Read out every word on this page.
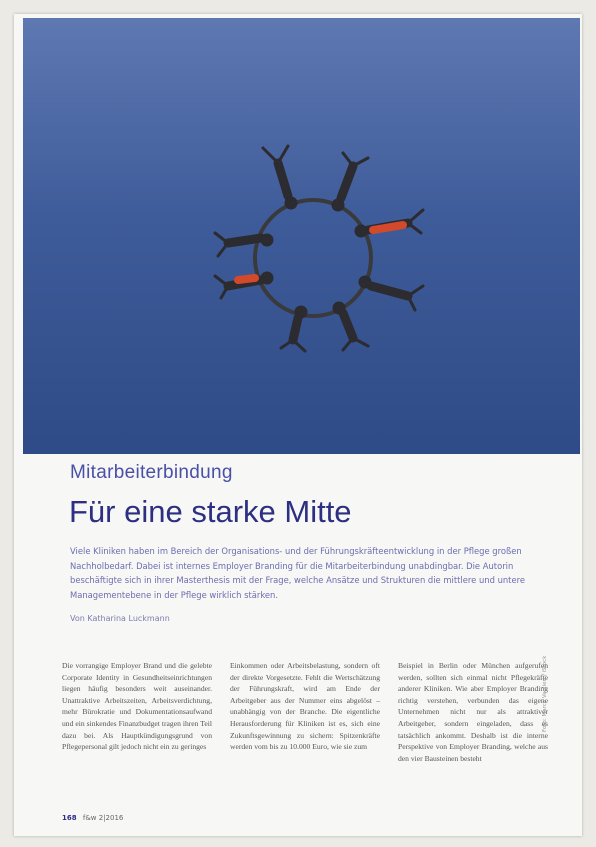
Mitarbeiterbindung
Für eine starke Mitte
Viele Kliniken haben im Bereich der Organisations- und der Führungskräfteentwicklung in der Pflege großen Nachholbedarf. Dabei ist internes Employer Branding für die Mitarbeiterbindung unabdingbar. Die Autorin beschäftigte sich in ihrer Masterthesis mit der Frage, welche Ansätze und Strukturen die mittlere und untere Managementebene in der Pflege wirklich stärken.
Von Katharina Luckmann
Die vorrangige Employer Brand und die gelebte Corporate Identity in Gesundheitseinrichtungen liegen häufig besonders weit auseinander. Unattraktive Arbeitszeiten, Arbeitsverdichtung, mehr Bürokratie und Dokumentationsaufwand und ein sinkendes Finanzbudget tragen ihren Teil dazu bei. Als Hauptkündigungsgrund von Pflegepersonal gilt jedoch nicht ein zu geringes
Einkommen oder Arbeitsbelastung, sondern oft der direkte Vorgesetzte. Fehlt die Wertschätzung der Führungskraft, wird am Ende der Arbeitgeber aus der Nummer eins abgelöst – unabhängig von der Branche. Die eigentliche Herausforderung für Kliniken ist es, sich eine Zukunftsgewinnung zu sichern: Spitzenkräfte werden vom bis zu 10.000 Euro, wie sie zum
Beispiel in Berlin oder München aufgerufen werden, sollten sich einmal nicht Pflegekräfte anderer Kliniken. Wie aber Employer Branding richtig verstehen, verbunden das eigene Unternehmen nicht nur als attraktiver Arbeitgeber, sondern eingeladen, dass es tatsächlich ankommt. Deshalb ist die interne Perspektive von Employer Branding, welche aus den vier Bausteinen besteht
168 f&w 2|2016
Foto: Marco Vaglieri / iStock
